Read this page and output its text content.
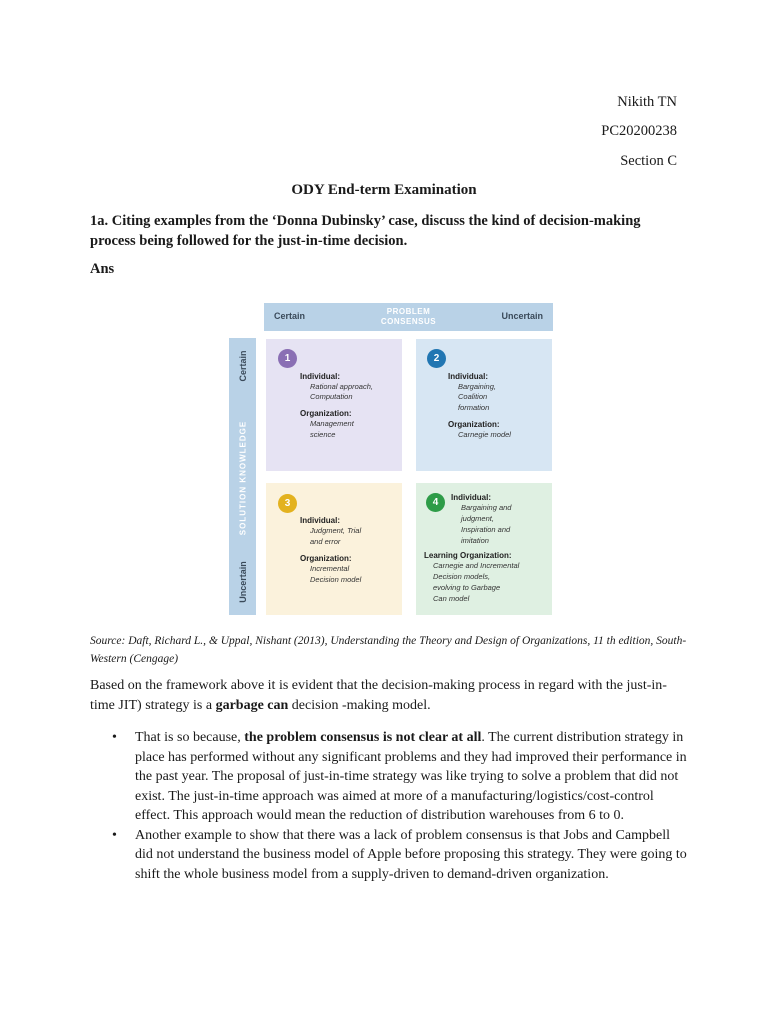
Nikith TN
PC20200238
Section C
ODY End-term Examination
1a. Citing examples from the ‘Donna Dubinsky’ case, discuss the kind of decision-making process being followed for the just-in-time decision.
Ans
Certain	PROBLEM
CONSENSUS
Uncertain
Certain
SOLUTION KNOWLEDGE
Uncertain
1
Individual:
Rational approach,
Computation
Organization:
Management
science
2
Individual:
Bargaining,
Coalition
formation
Organization:
Carnegie model
3
Individual:
Judgment, Trial
and error
Organization:
Incremental
Decision model
4	Individual:
Bargaining and
judgment,
Inspiration and
imitation
Learning Organization:
Carnegie and Incremental
Decision models,
evolving to Garbage
Can model
Source: Daft, Richard L., & Uppal, Nishant (2013), Understanding the Theory and Design of Organizations, 11 th edition, South-Western (Cengage)
Based on the framework above it is evident that the decision-making process in regard with the just-in-time JIT) strategy is a garbage can decision -making model.
• That is so because, the problem consensus is not clear at all. The current distribution strategy in place has performed without any significant problems and they had improved their performance in the past year. The proposal of just-in-time strategy was like trying to solve a problem that did not exist. The just-in-time approach was aimed at more of a manufacturing/logistics/cost-control effect. This approach would mean the reduction of distribution warehouses from 6 to 0.
• Another example to show that there was a lack of problem consensus is that Jobs and Campbell did not understand the business model of Apple before proposing this strategy. They were going to shift the whole business model from a supply-driven to demand-driven organization.
